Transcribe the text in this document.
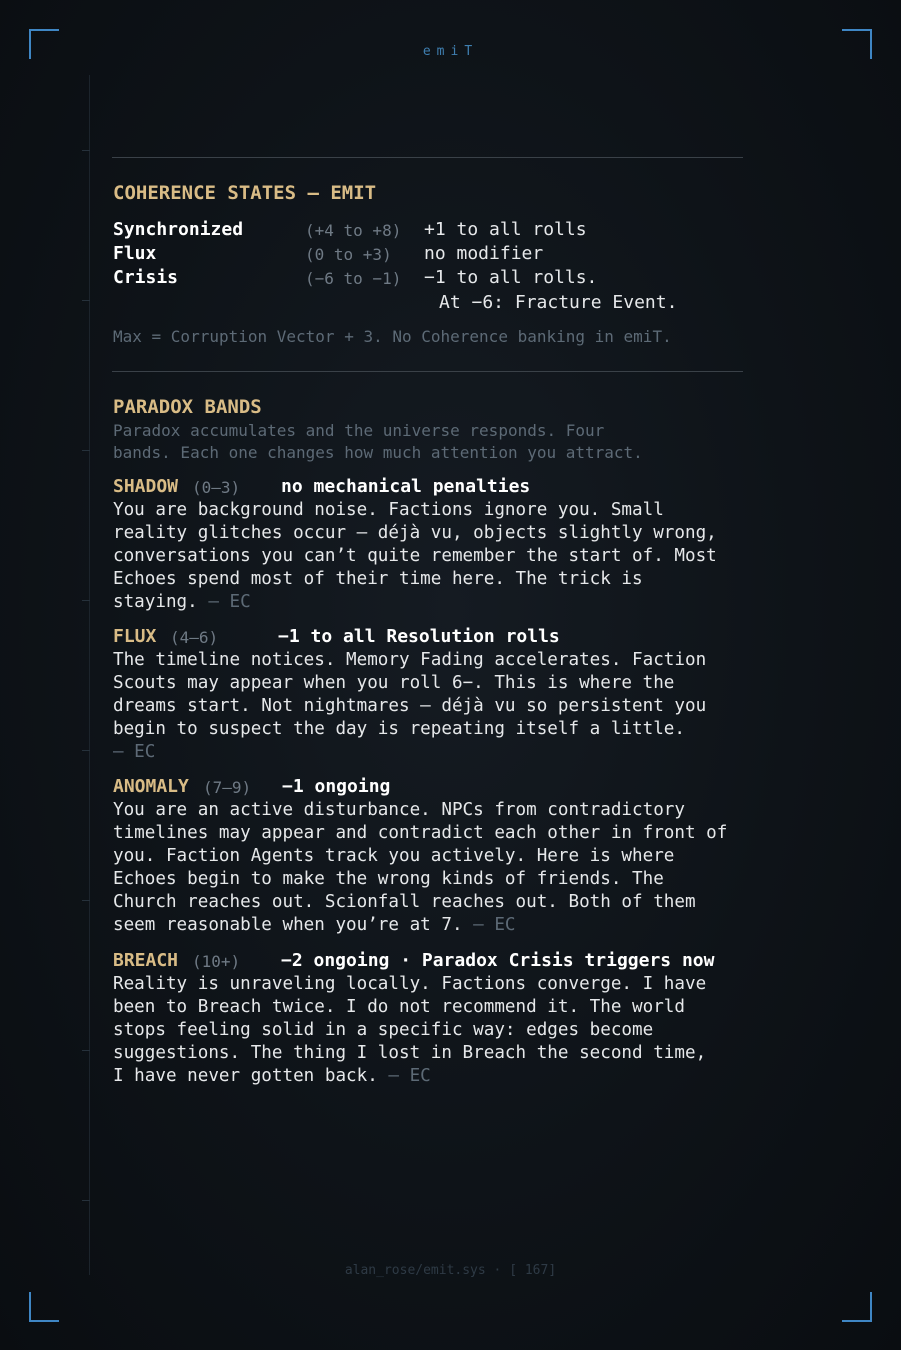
emiT
COHERENCE STATES — EMIT
Synchronized	(+4 to +8) +1 to all rolls
Flux	(0 to +3) no modifier
Crisis	(−6 to −1) −1 to all rolls.
At −6: Fracture Event.
Max = Corruption Vector + 3. No Coherence banking in emiT.
PARADOX BANDS
Paradox accumulates and the universe responds. Four
bands. Each one changes how much attention you attract.
SHADOW (0–3) no mechanical penalties
You are background noise. Factions ignore you. Small
reality glitches occur — déjà vu, objects slightly wrong,
conversations you can’t quite remember the start of. Most
Echoes spend most of their time here. The trick is
staying. — EC
FLUX (4–6)	−1 to all Resolution rolls
The timeline notices. Memory Fading accelerates. Faction
Scouts may appear when you roll 6−. This is where the
dreams start. Not nightmares — déjà vu so persistent you
begin to suspect the day is repeating itself a little.
— EC
ANOMALY (7–9) −1 ongoing
You are an active disturbance. NPCs from contradictory
timelines may appear and contradict each other in front of
you. Faction Agents track you actively. Here is where
Echoes begin to make the wrong kinds of friends. The
Church reaches out. Scionfall reaches out. Both of them
seem reasonable when you’re at 7. — EC
BREACH (10+) −2 ongoing · Paradox Crisis triggers now
Reality is unraveling locally. Factions converge. I have
been to Breach twice. I do not recommend it. The world
stops feeling solid in a specific way: edges become
suggestions. The thing I lost in Breach the second time,
I have never gotten back. — EC
alan_rose/emit.sys · [ 167]
